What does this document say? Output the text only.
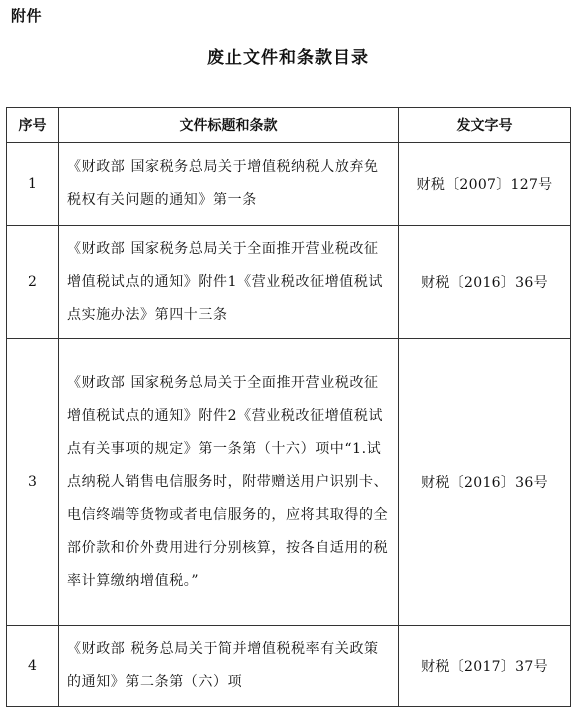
附件
废止文件和条款目录
序号	文件标题和条款	发文字号
1	《财政部 国家税务总局关于增值税纳税人放弃免税权有关问题的通知》第一条	财税〔2007〕127号
2	《财政部 国家税务总局关于全面推开营业税改征增值税试点的通知》附件1《营业税改征增值税试点实施办法》第四十三条	财税〔2016〕36号
3	《财政部 国家税务总局关于全面推开营业税改征增值税试点的通知》附件2《营业税改征增值税试点有关事项的规定》第一条第（十六）项中“1.试点纳税人销售电信服务时，附带赠送用户识别卡、电信终端等货物或者电信服务的，应将其取得的全部价款和价外费用进行分别核算，按各自适用的税率计算缴纳增值税。”	财税〔2016〕36号
4	《财政部 税务总局关于简并增值税税率有关政策的通知》第二条第（六）项	财税〔2017〕37号
